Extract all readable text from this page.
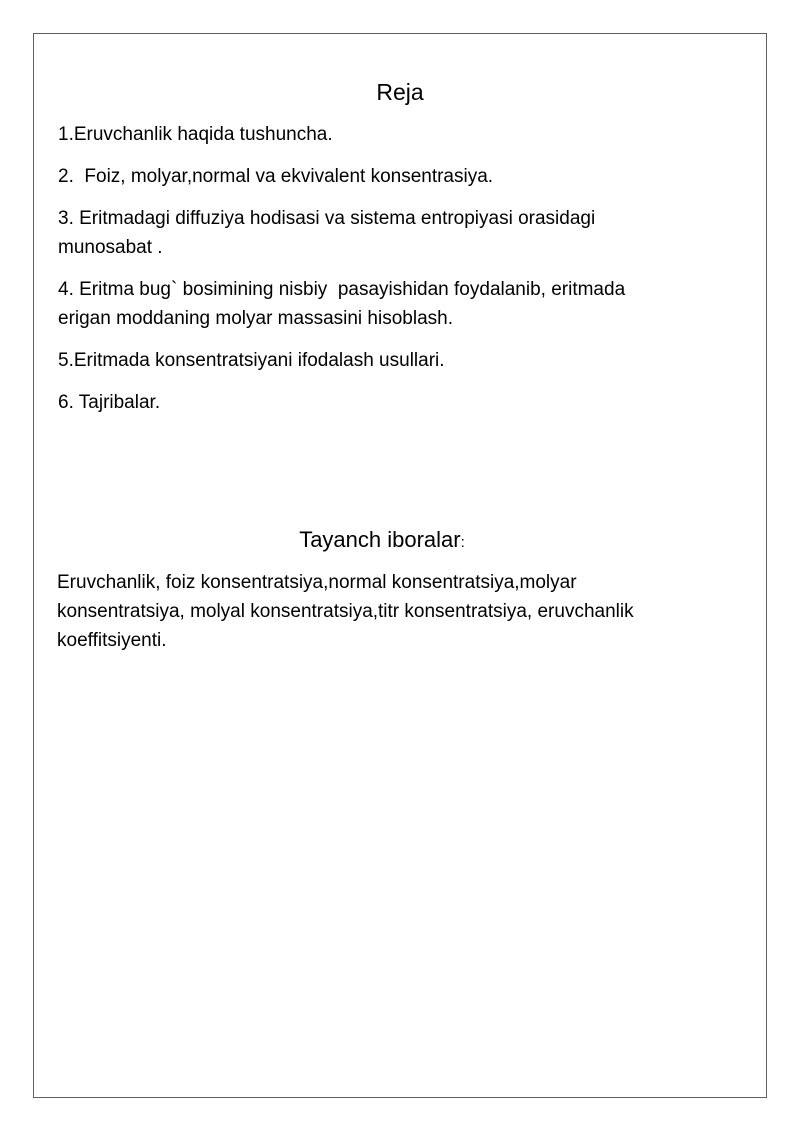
Reja
1.Eruvchanlik haqida tushuncha.
2.  Foiz, molyar,normal va ekvivalent konsentrasiya.
3. Eritmadagi diffuziya hodisasi va sistema entropiyasi orasidagi munosabat .
4. Eritma bug` bosimining nisbiy  pasayishidan foydalanib, eritmada erigan moddaning molyar massasini hisoblash.
5.Eritmada konsentratsiyani ifodalash usullari.
6. Tajribalar.
Tayanch iboralar:

Eruvchanlik, foiz konsentratsiya,normal konsentratsiya,molyar konsentratsiya, molyal konsentratsiya,titr konsentratsiya, eruvchanlik koeffitsiyenti.
